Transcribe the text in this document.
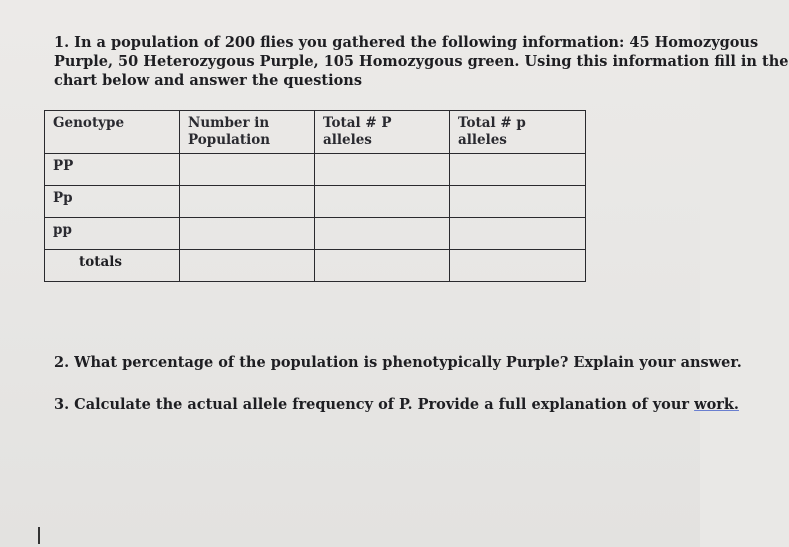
1. In a population of 200 flies you gathered the following information: 45 Homozygous
Purple, 50 Heterozygous Purple, 105 Homozygous green. Using this information fill in the
chart below and answer the questions
Genotype	Number in Population	Total # P alleles	Total # p alleles
PP			
Pp			
pp			
totals			
2. What percentage of the population is phenotypically Purple? Explain your answer.
3. Calculate the actual allele frequency of P. Provide a full explanation of your work.
